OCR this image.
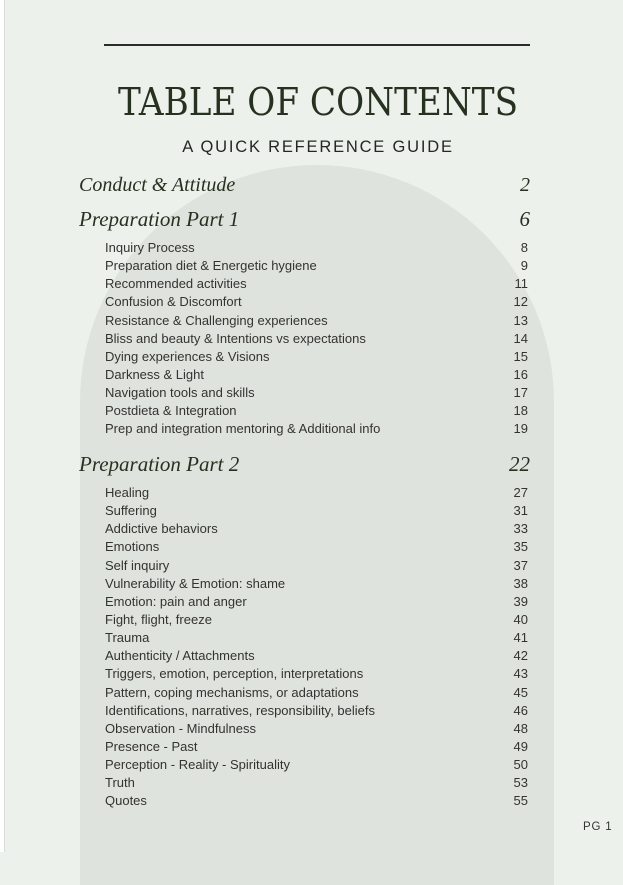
TABLE OF CONTENTS
A QUICK REFERENCE GUIDE
Conduct & Attitude	2
Preparation Part 1	6
Inquiry Process	8
Preparation diet & Energetic hygiene	9
Recommended activities	11
Confusion & Discomfort	12
Resistance & Challenging experiences	13
Bliss and beauty & Intentions vs expectations	14
Dying experiences & Visions	15
Darkness & Light	16
Navigation tools and skills	17
Postdieta & Integration	18
Prep and integration mentoring & Additional info	19
Preparation Part 2	22
Healing	27
Suffering	31
Addictive behaviors	33
Emotions	35
Self inquiry	37
Vulnerability & Emotion: shame	38
Emotion: pain and anger	39
Fight, flight, freeze	40
Trauma	41
Authenticity / Attachments	42
Triggers, emotion, perception, interpretations	43
Pattern, coping mechanisms, or adaptations	45
Identifications, narratives, responsibility, beliefs	46
Observation - Mindfulness	48
Presence - Past	49
Perception - Reality - Spirituality	50
Truth	53
Quotes	55
PG 1
